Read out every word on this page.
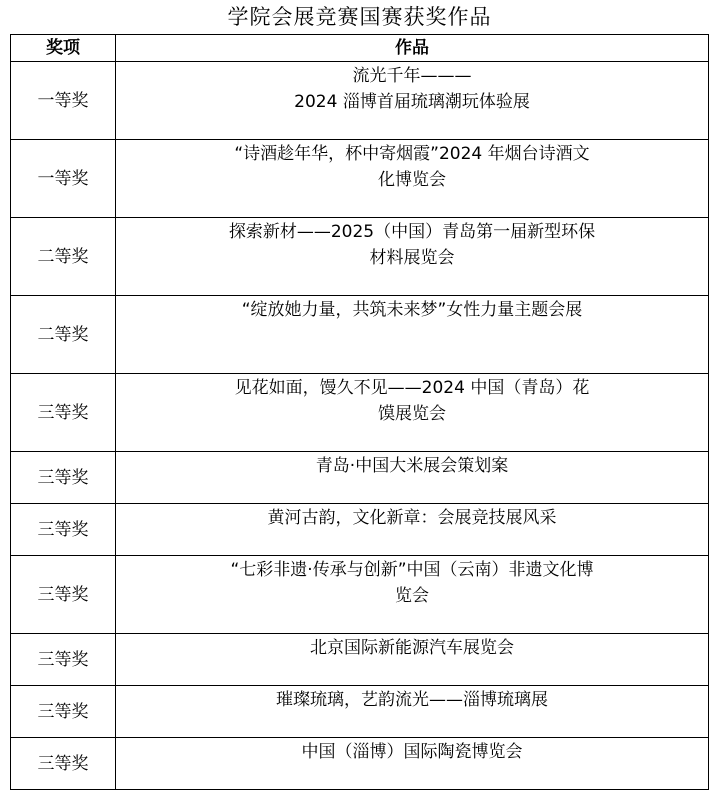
学院会展竞赛国赛获奖作品
奖项	作品
一等奖	流光千年———
2024 淄博首届琉璃潮玩体验展
一等奖	“诗酒趁年华，杯中寄烟霞”2024 年烟台诗酒文化博览会
二等奖	探索新材——2025（中国）青岛第一届新型环保材料展览会
二等奖	“绽放她力量，共筑未来梦”女性力量主题会展
三等奖	见花如面，馒久不见——2024 中国（青岛）花馍展览会
三等奖	青岛·中国大米展会策划案
三等奖	黄河古韵，文化新章：会展竞技展风采
三等奖	“七彩非遗·传承与创新”中国（云南）非遗文化博览会
三等奖	北京国际新能源汽车展览会
三等奖	璀璨琉璃，艺韵流光——淄博琉璃展
三等奖	中国（淄博）国际陶瓷博览会
